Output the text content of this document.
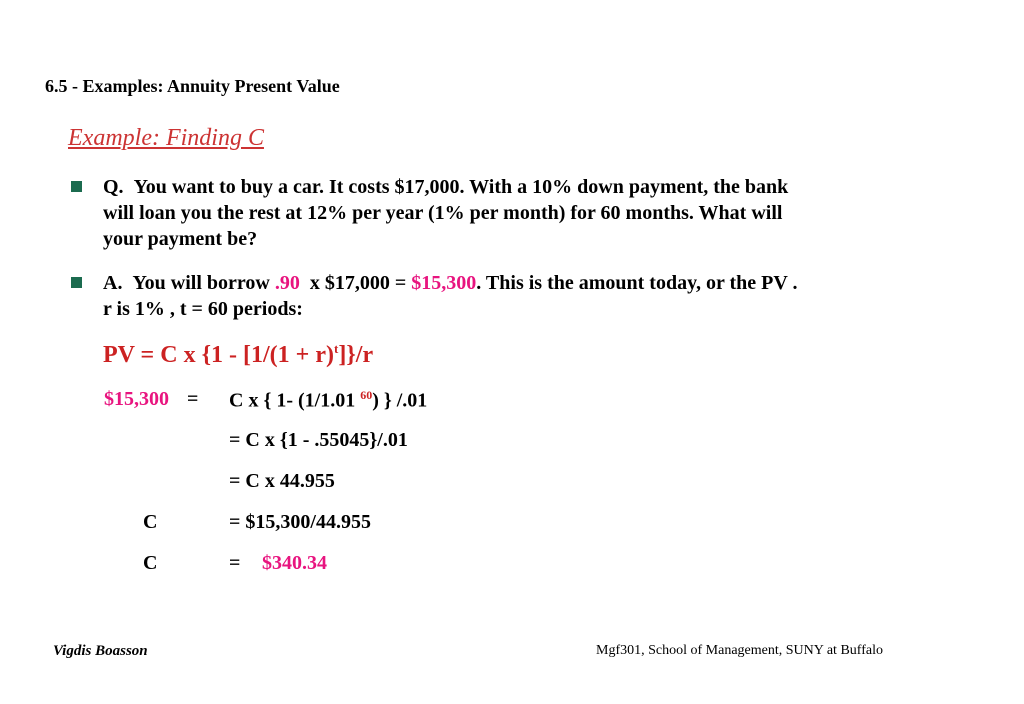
6.5 - Examples: Annuity Present Value
Example: Finding C
Q. You want to buy a car. It costs $17,000. With a 10% down payment, the bank
will loan you the rest at 12% per year (1% per month) for 60 months. What will
your payment be?
A. You will borrow .90 x $17,000 = $15,300. This is the amount today, or the PV .
r is 1% , t = 60 periods:
PV = C x $\{1 - [1/(1 + r)^t]\}/r$
$15,300 = C x { 1- (1/1.01 $^{60}$) } /.01
= C x {1 - .55045}/.01
= C x 44.955
C	= $15,300/44.955
C	= $340.34
Vigdis Boasson	Mgf301, School of Management, SUNY at Buffalo
